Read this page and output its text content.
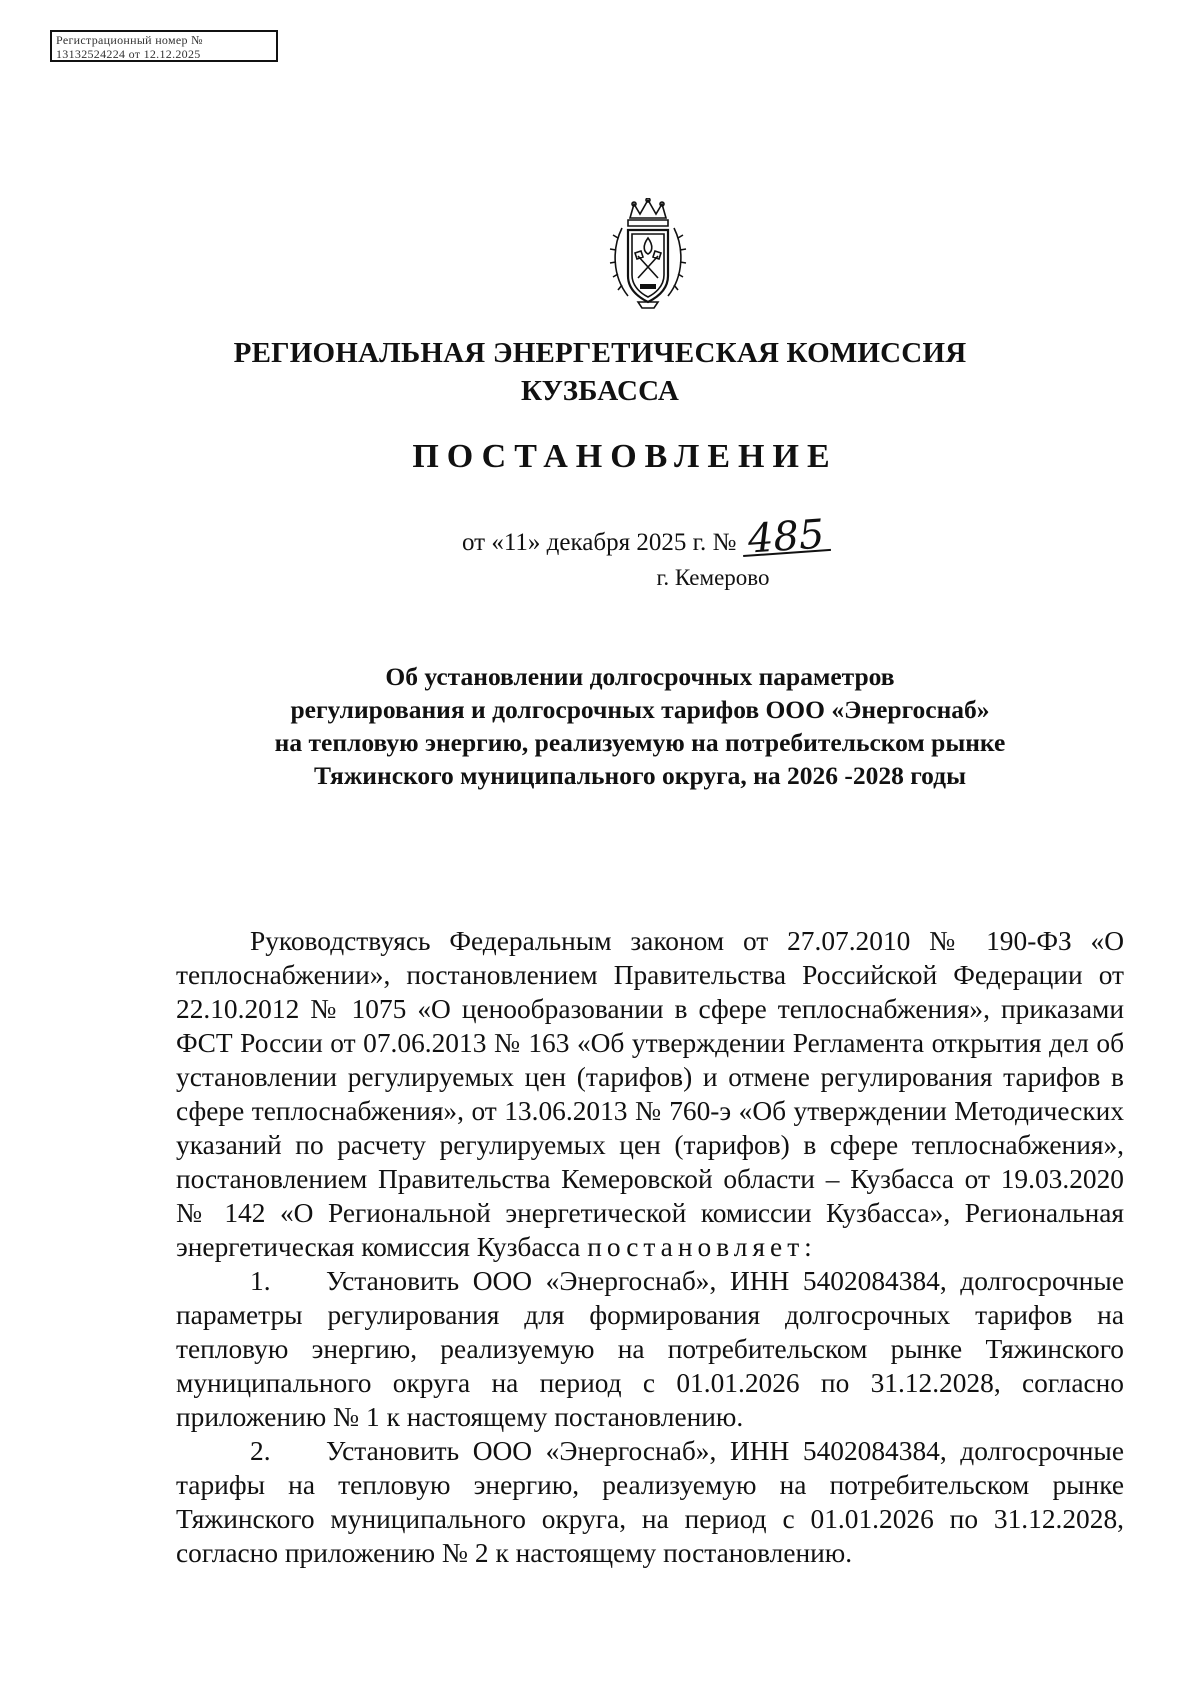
Регистрационный номер №
13132524224 от 12.12.2025
РЕГИОНАЛЬНАЯ ЭНЕРГЕТИЧЕСКАЯ КОМИССИЯ
КУЗБАССА
ПОСТАНОВЛЕНИЕ
от «11» декабря 2025 г. № 485
г. Кемерово
Об установлении долгосрочных параметров
регулирования и долгосрочных тарифов ООО «Энергоснаб»
на тепловую энергию, реализуемую на потребительском рынке
Тяжинского муниципального округа, на 2026 -2028 годы

Руководствуясь Федеральным законом от 27.07.2010 № 190-ФЗ «О теплоснабжении», постановлением Правительства Российской Федерации от 22.10.2012 № 1075 «О ценообразовании в сфере теплоснабжения», приказами ФСТ России от 07.06.2013 № 163 «Об утверждении Регламента открытия дел об установлении регулируемых цен (тарифов) и отмене регулирования тарифов в сфере теплоснабжения», от 13.06.2013 № 760-э «Об утверждении Методических указаний по расчету регулируемых цен (тарифов) в сфере теплоснабжения», постановлением Правительства Кемеровской области – Кузбасса от 19.03.2020 № 142 «О Региональной энергетической комиссии Кузбасса», Региональная энергетическая комиссия Кузбасса постановляет:

1. Установить ООО «Энергоснаб», ИНН 5402084384, долгосрочные параметры регулирования для формирования долгосрочных тарифов на тепловую энергию, реализуемую на потребительском рынке Тяжинского муниципального округа на период с 01.01.2026 по 31.12.2028, согласно приложению № 1 к настоящему постановлению.

2. Установить ООО «Энергоснаб», ИНН 5402084384, долгосрочные тарифы на тепловую энергию, реализуемую на потребительском рынке Тяжинского муниципального округа, на период с 01.01.2026 по 31.12.2028, согласно приложению № 2 к настоящему постановлению.
